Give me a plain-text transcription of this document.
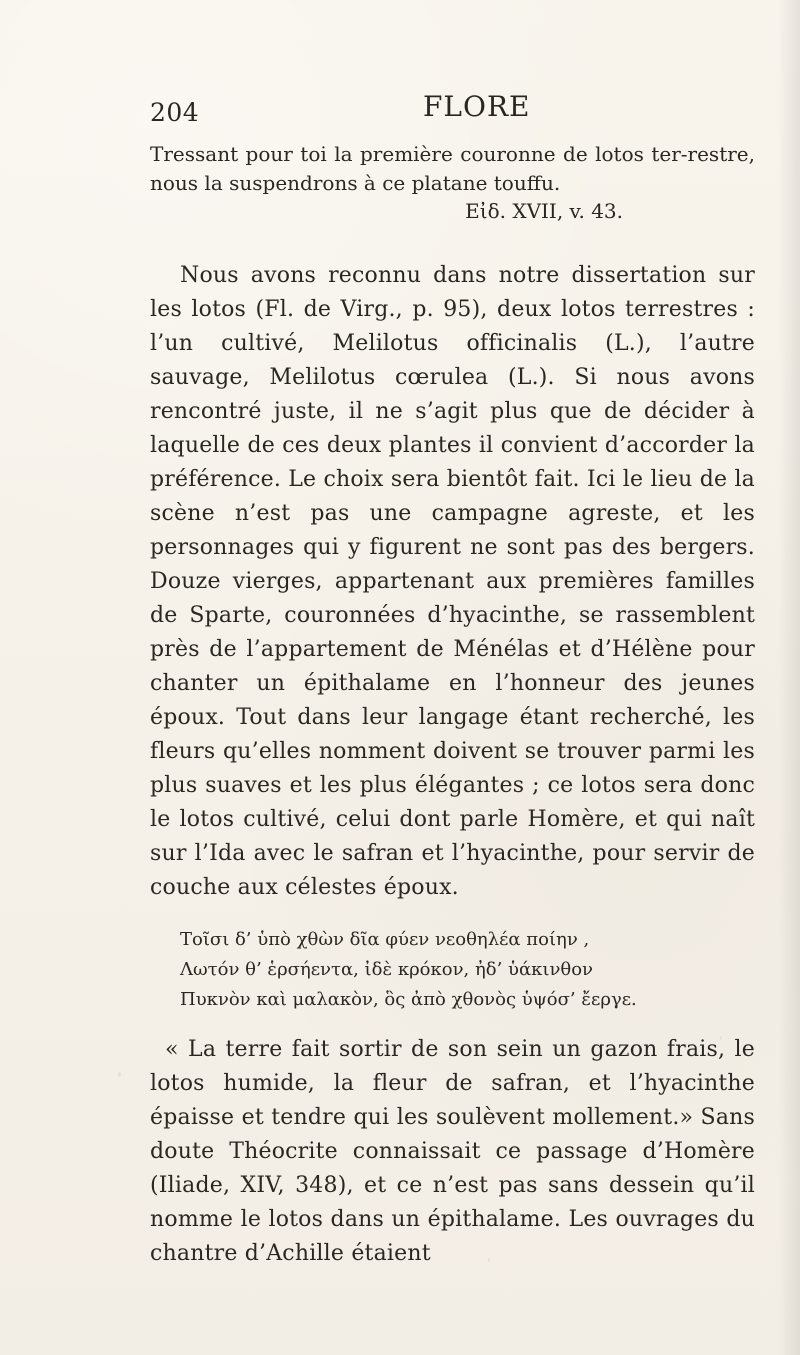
204	FLORE
Tressant pour toi la première couronne de lotos ter-restre, nous la suspendrons à ce platane touffu.
Εἰδ. XVII, v. 43.
Nous avons reconnu dans notre dissertation sur les lotos (Fl. de Virg., p. 95), deux lotos terrestres : l’un cultivé, Melilotus officinalis (L.), l’autre sauvage, Melilotus cœrulea (L.). Si nous avons rencontré juste, il ne s’agit plus que de décider à laquelle de ces deux plantes il convient d’accorder la préférence. Le choix sera bientôt fait. Ici le lieu de la scène n’est pas une campagne agreste, et les personnages qui y figurent ne sont pas des bergers. Douze vierges, appartenant aux premières familles de Sparte, couronnées d’hyacinthe, se rassemblent près de l’appartement de Ménélas et d’Hélène pour chanter un épithalame en l’honneur des jeunes époux. Tout dans leur langage étant recherché, les fleurs qu’elles nomment doivent se trouver parmi les plus suaves et les plus élégantes ; ce lotos sera donc le lotos cultivé, celui dont parle Homère, et qui naît sur l’Ida avec le safran et l’hyacinthe, pour servir de couche aux célestes époux.
Τοῖσι δ’ ὑπὸ χθὼν δῖα φύεν νεοθηλέα ποίην ,
Λωτόν θ’ ἑρσήεντα, ἰδὲ κρόκον, ἠδ’ ὑάκινθον
Πυκνὸν καὶ μαλακὸν, ὃς ἀπὸ χθονὸς ὑψόσ’ ἔεργε.
« La terre fait sortir de son sein un gazon frais, le lotos humide, la fleur de safran, et l’hyacinthe épaisse et tendre qui les soulèvent mollement.» Sans doute Théocrite connaissait ce passage d’Homère (Iliade, XIV, 348), et ce n’est pas sans dessein qu’il nomme le lotos dans un épithalame. Les ouvrages du chantre d’Achille étaient
